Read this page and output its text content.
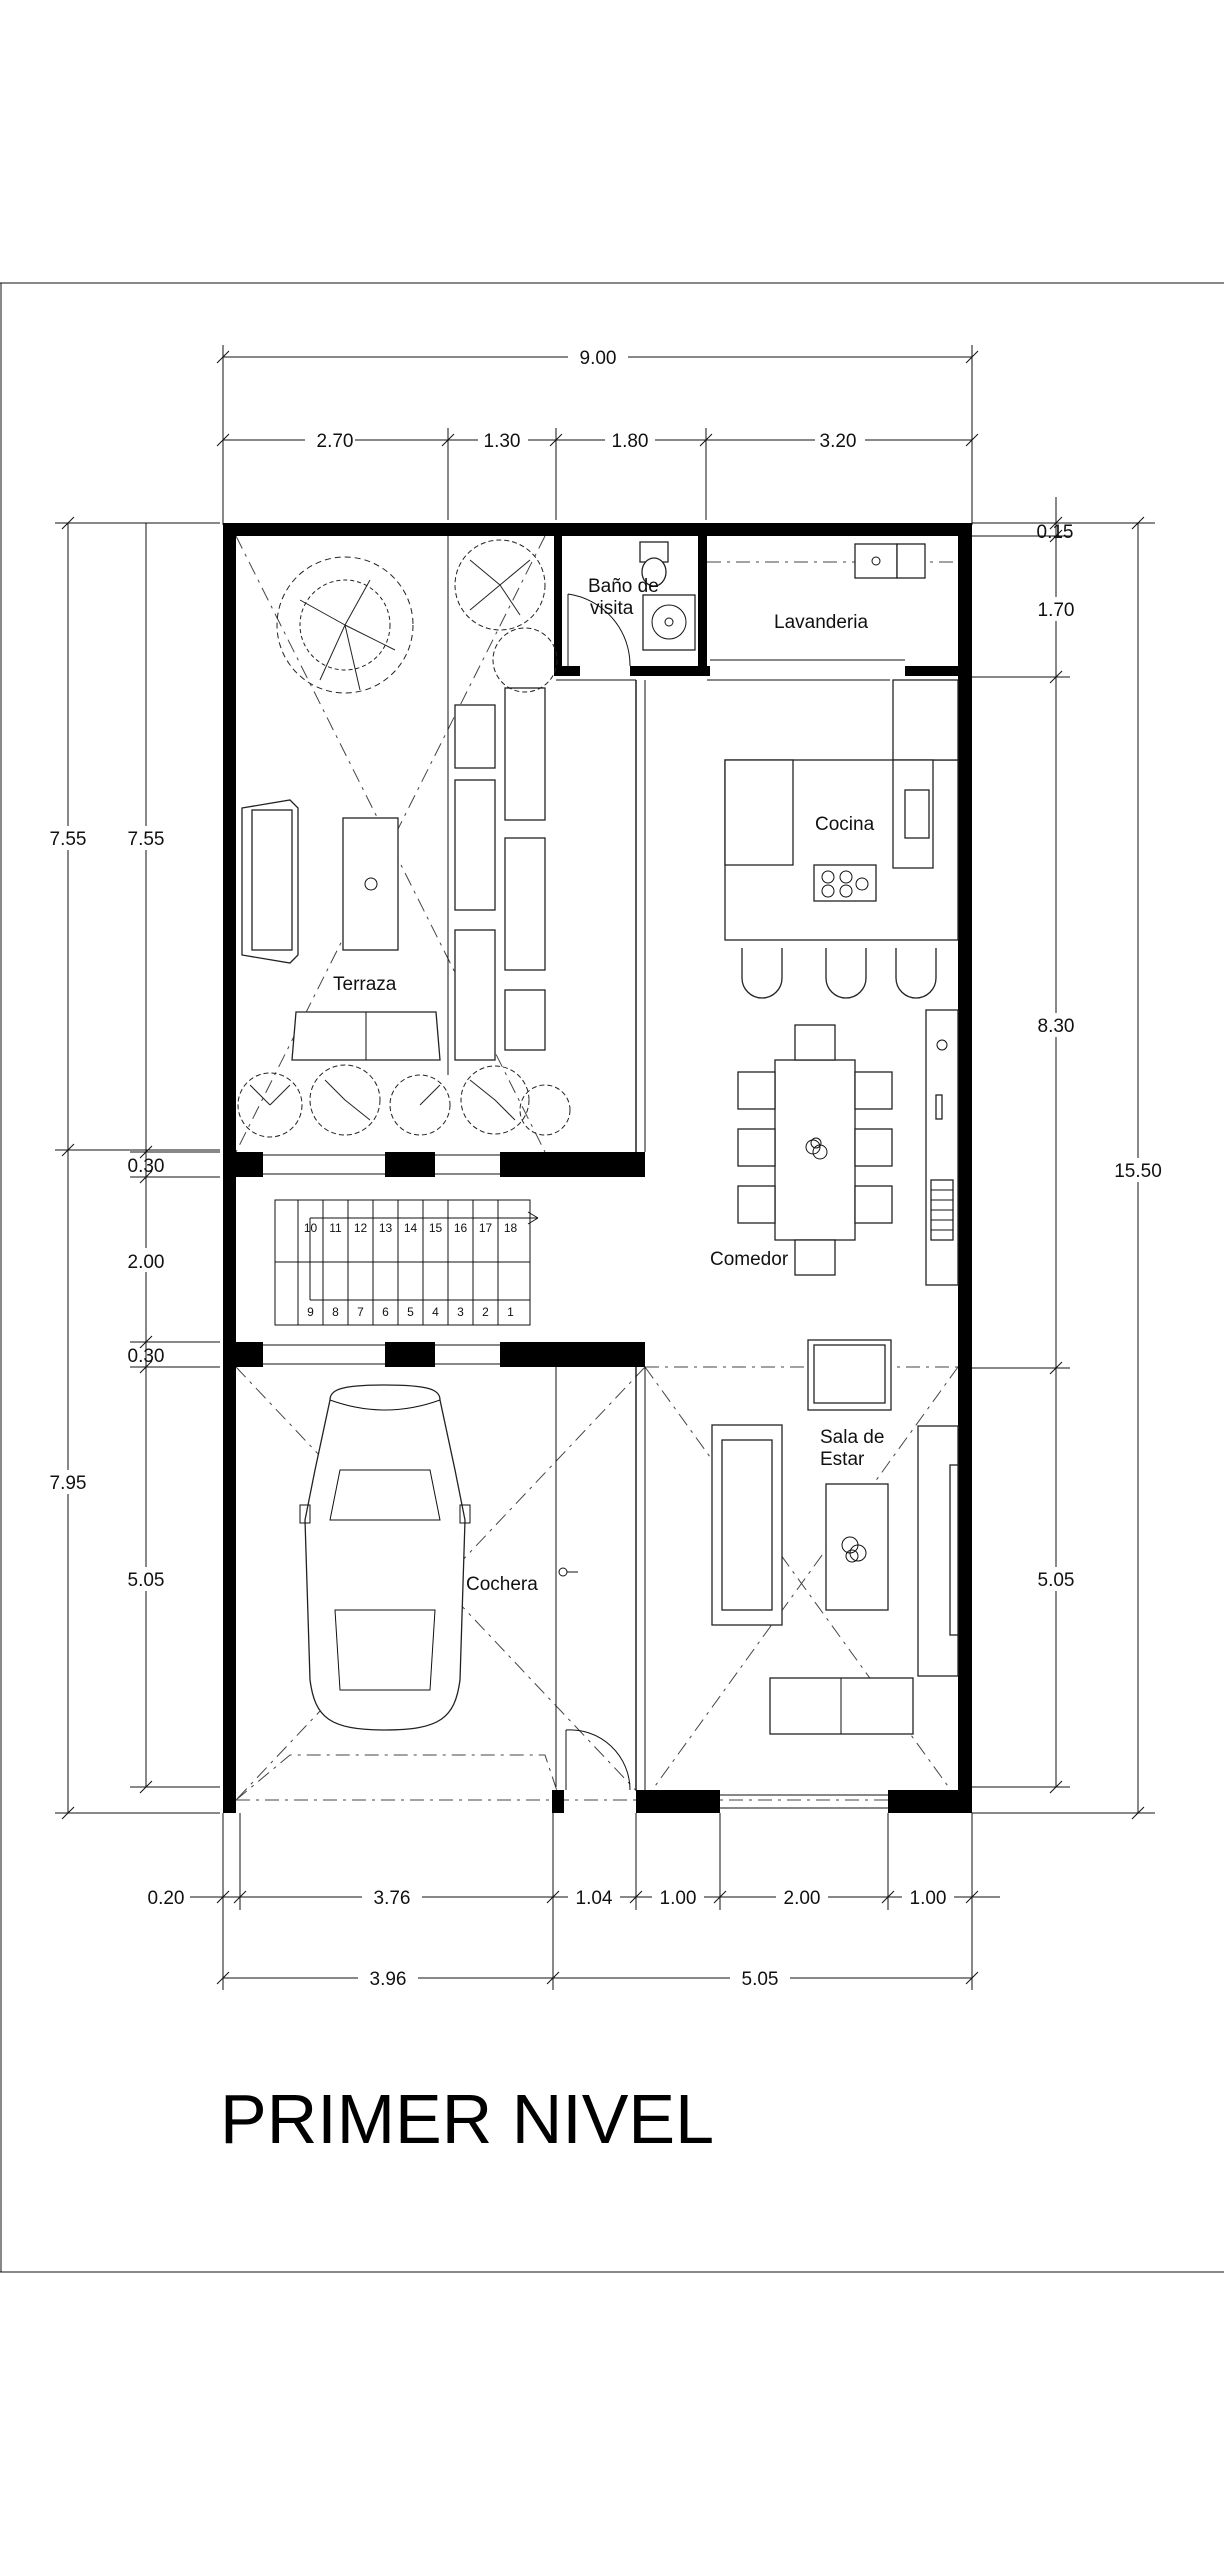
9.00
2.70	1.30	1.80	3.20
7.55
7.95
7.55
0.30
2.00
0.30
5.05
0.15
1.70
8.30
5.05
15.50
0.20	3.76	1.04 1.00	2.00	1.00
3.96	5.05
10 11 12 13 14 15 16 17 18
9 8 7 6 5 4 3 2 1
Baño de
visita
Lavanderia
Cocina
Terraza
Comedor
Sala de
Estar
Cochera
PRIMER NIVEL
